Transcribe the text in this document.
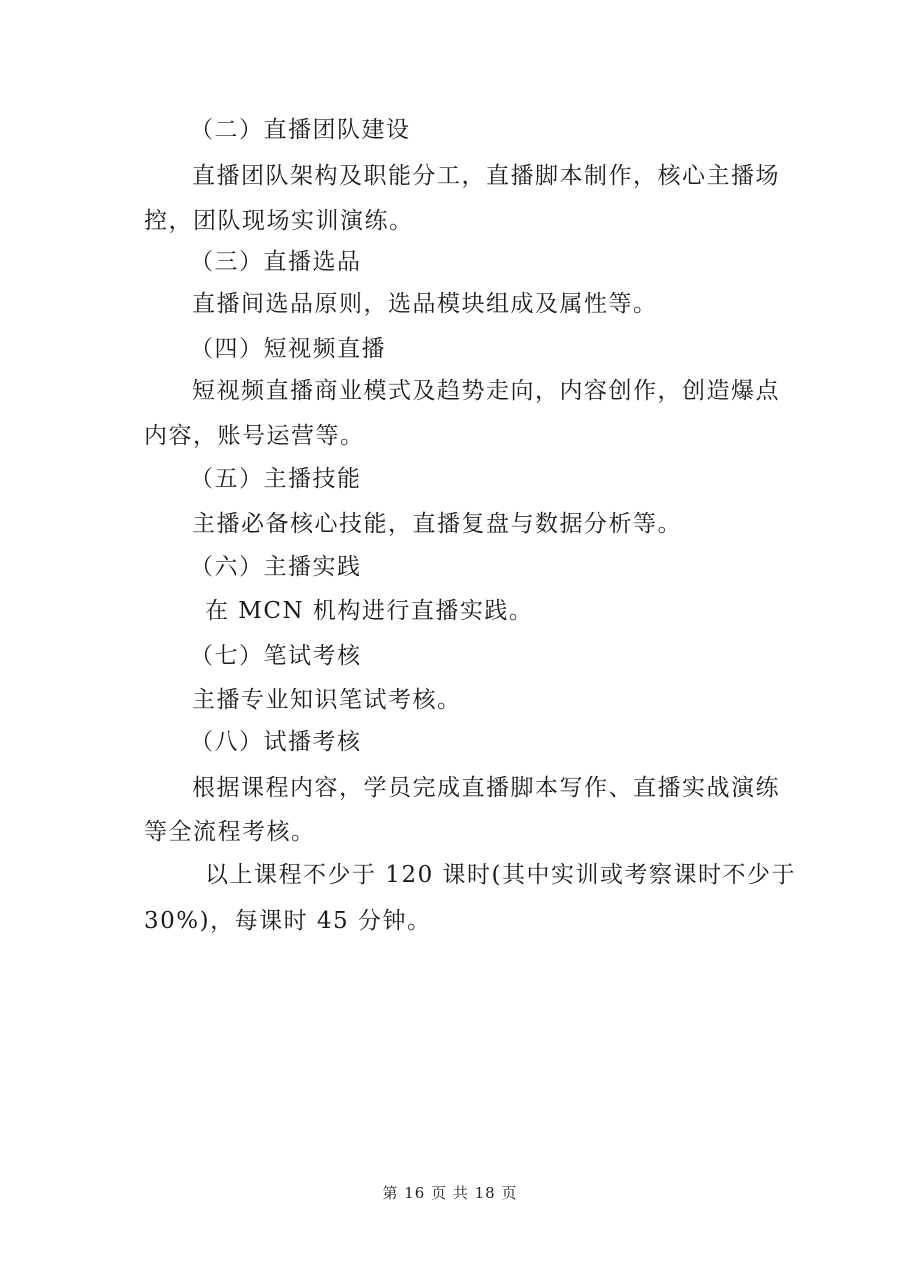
（二）直播团队建设
直播团队架构及职能分工，直播脚本制作，核心主播场
控，团队现场实训演练。
（三）直播选品
直播间选品原则，选品模块组成及属性等。
（四）短视频直播
短视频直播商业模式及趋势走向，内容创作，创造爆点
内容，账号运营等。
（五）主播技能
主播必备核心技能，直播复盘与数据分析等。
（六）主播实践
在 MCN 机构进行直播实践。
（七）笔试考核
主播专业知识笔试考核。
（八）试播考核
根据课程内容，学员完成直播脚本写作、直播实战演练
等全流程考核。
以上课程不少于 120 课时(其中实训或考察课时不少于
30%)，每课时 45 分钟。
第 16 页 共 18 页
